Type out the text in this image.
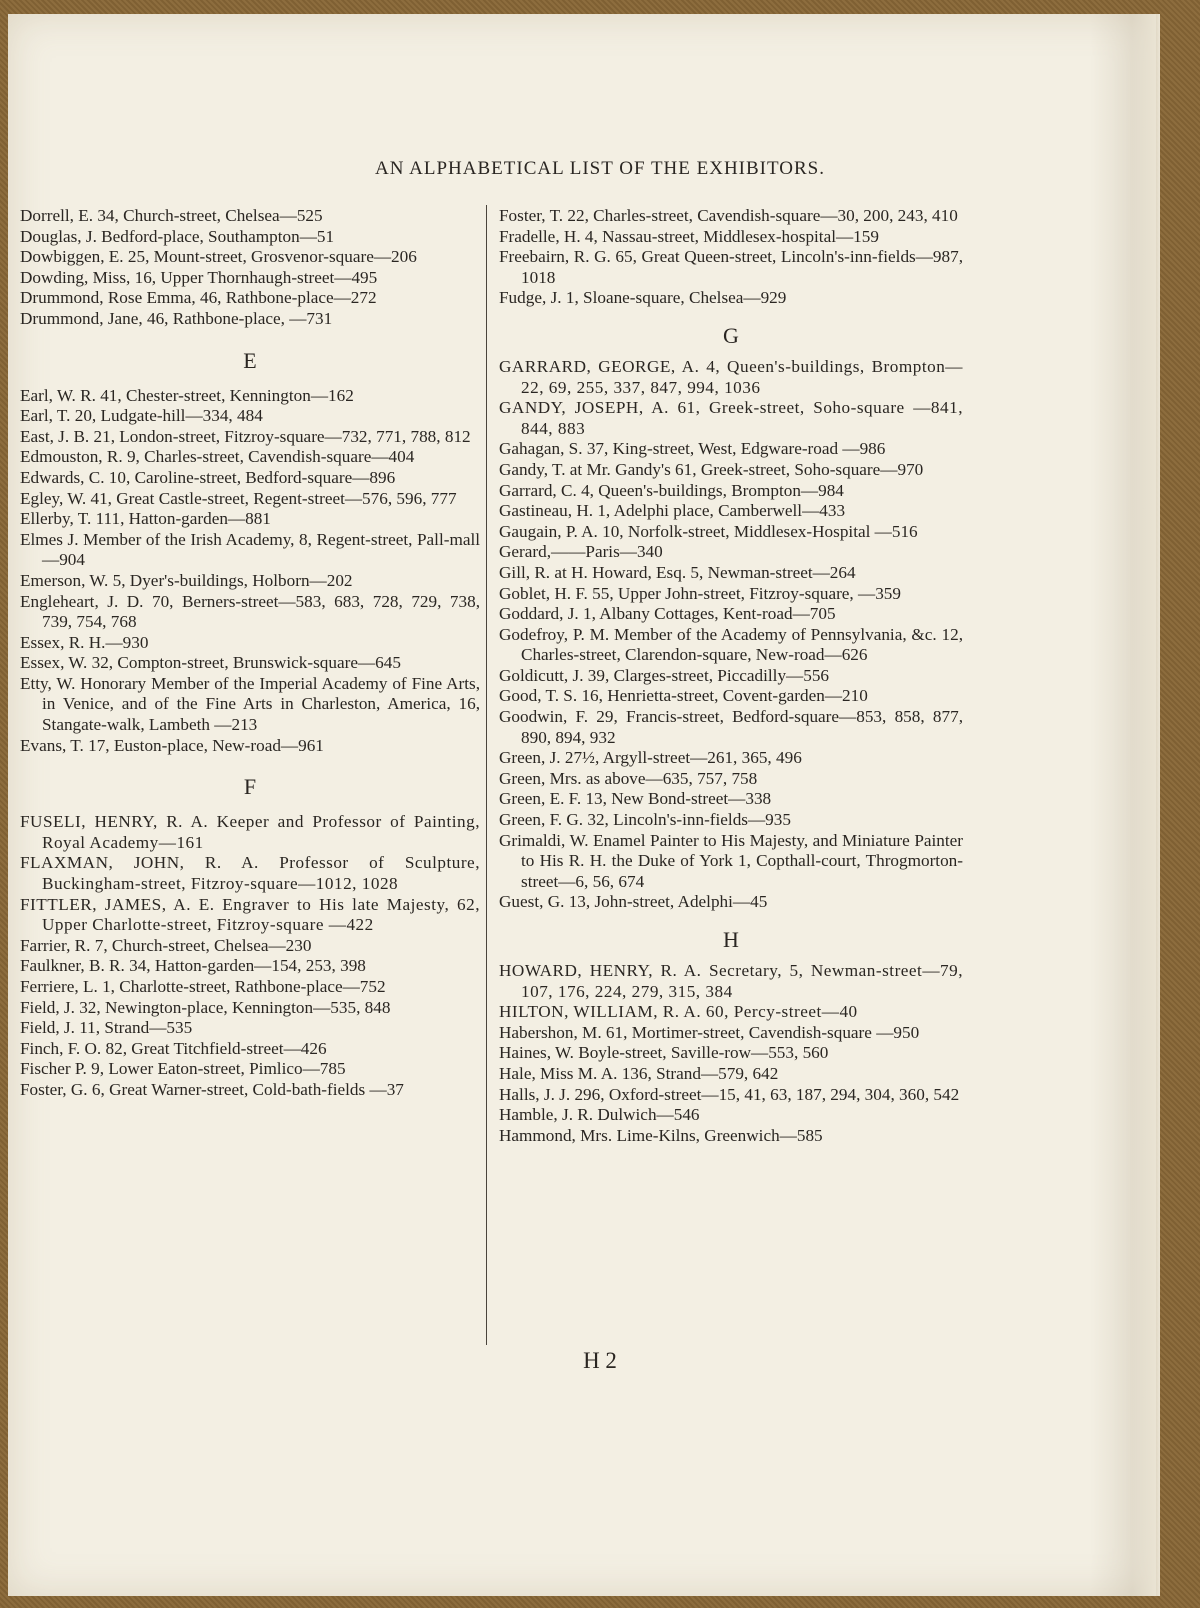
AN ALPHABETICAL LIST OF THE EXHIBITORS.
Dorrell, E. 34, Church-street, Chelsea—525
Douglas, J. Bedford-place, Southampton—51
Dowbiggen, E. 25, Mount-street, Grosvenor-square—206
Dowding, Miss, 16, Upper Thornhaugh-street—495
Drummond, Rose Emma, 46, Rathbone-place—272
Drummond, Jane, 46, Rathbone-place, —731
E
Earl, W. R. 41, Chester-street, Kennington—162
Earl, T. 20, Ludgate-hill—334, 484
East, J. B. 21, London-street, Fitzroy-square—732, 771, 788, 812
Edmouston, R. 9, Charles-street, Cavendish-square—404
Edwards, C. 10, Caroline-street, Bedford-square—896
Egley, W. 41, Great Castle-street, Regent-street—576, 596, 777
Ellerby, T. 111, Hatton-garden—881
Elmes J. Member of the Irish Academy, 8, Regent-street, Pall-mall—904
Emerson, W. 5, Dyer's-buildings, Holborn—202
Engleheart, J. D. 70, Berners-street—583, 683, 728, 729, 738, 739, 754, 768
Essex, R. H.—930
Essex, W. 32, Compton-street, Brunswick-square—645
Etty, W. Honorary Member of the Imperial Academy of Fine Arts, in Venice, and of the Fine Arts in Charleston, America, 16, Stangate-walk, Lambeth —213
Evans, T. 17, Euston-place, New-road—961
F
FUSELI, HENRY, R. A. Keeper and Professor of Painting, Royal Academy—161
FLAXMAN, JOHN, R. A. Professor of Sculpture, Buckingham-street, Fitzroy-square—1012, 1028
FITTLER, JAMES, A. E. Engraver to His late Majesty, 62, Upper Charlotte-street, Fitzroy-square —422
Farrier, R. 7, Church-street, Chelsea—230
Faulkner, B. R. 34, Hatton-garden—154, 253, 398
Ferriere, L. 1, Charlotte-street, Rathbone-place—752
Field, J. 32, Newington-place, Kennington—535, 848
Field, J. 11, Strand—535
Finch, F. O. 82, Great Titchfield-street—426
Fischer P. 9, Lower Eaton-street, Pimlico—785
Foster, G. 6, Great Warner-street, Cold-bath-fields —37
Foster, T. 22, Charles-street, Cavendish-square—30, 200, 243, 410
Fradelle, H. 4, Nassau-street, Middlesex-hospital—159
Freebairn, R. G. 65, Great Queen-street, Lincoln's-inn-fields—987, 1018
Fudge, J. 1, Sloane-square, Chelsea—929
G
GARRARD, GEORGE, A. 4, Queen's-buildings, Brompton—22, 69, 255, 337, 847, 994, 1036
GANDY, JOSEPH, A. 61, Greek-street, Soho-square —841, 844, 883
Gahagan, S. 37, King-street, West, Edgware-road —986
Gandy, T. at Mr. Gandy's 61, Greek-street, Soho-square—970
Garrard, C. 4, Queen's-buildings, Brompton—984
Gastineau, H. 1, Adelphi place, Camberwell—433
Gaugain, P. A. 10, Norfolk-street, Middlesex-Hospital —516
Gerard,——Paris—340
Gill, R. at H. Howard, Esq. 5, Newman-street—264
Goblet, H. F. 55, Upper John-street, Fitzroy-square, —359
Goddard, J. 1, Albany Cottages, Kent-road—705
Godefroy, P. M. Member of the Academy of Pennsylvania, &c. 12, Charles-street, Clarendon-square, New-road—626
Goldicutt, J. 39, Clarges-street, Piccadilly—556
Good, T. S. 16, Henrietta-street, Covent-garden—210
Goodwin, F. 29, Francis-street, Bedford-square—853, 858, 877, 890, 894, 932
Green, J. 27½, Argyll-street—261, 365, 496
Green, Mrs. as above—635, 757, 758
Green, E. F. 13, New Bond-street—338
Green, F. G. 32, Lincoln's-inn-fields—935
Grimaldi, W. Enamel Painter to His Majesty, and Miniature Painter to His R. H. the Duke of York 1, Copthall-court, Throgmorton-street—6, 56, 674
Guest, G. 13, John-street, Adelphi—45
H
HOWARD, HENRY, R. A. Secretary, 5, Newman-street—79, 107, 176, 224, 279, 315, 384
HILTON, WILLIAM, R. A. 60, Percy-street—40
Habershon, M. 61, Mortimer-street, Cavendish-square —950
Haines, W. Boyle-street, Saville-row—553, 560
Hale, Miss M. A. 136, Strand—579, 642
Halls, J. J. 296, Oxford-street—15, 41, 63, 187, 294, 304, 360, 542
Hamble, J. R. Dulwich—546
Hammond, Mrs. Lime-Kilns, Greenwich—585
H 2
